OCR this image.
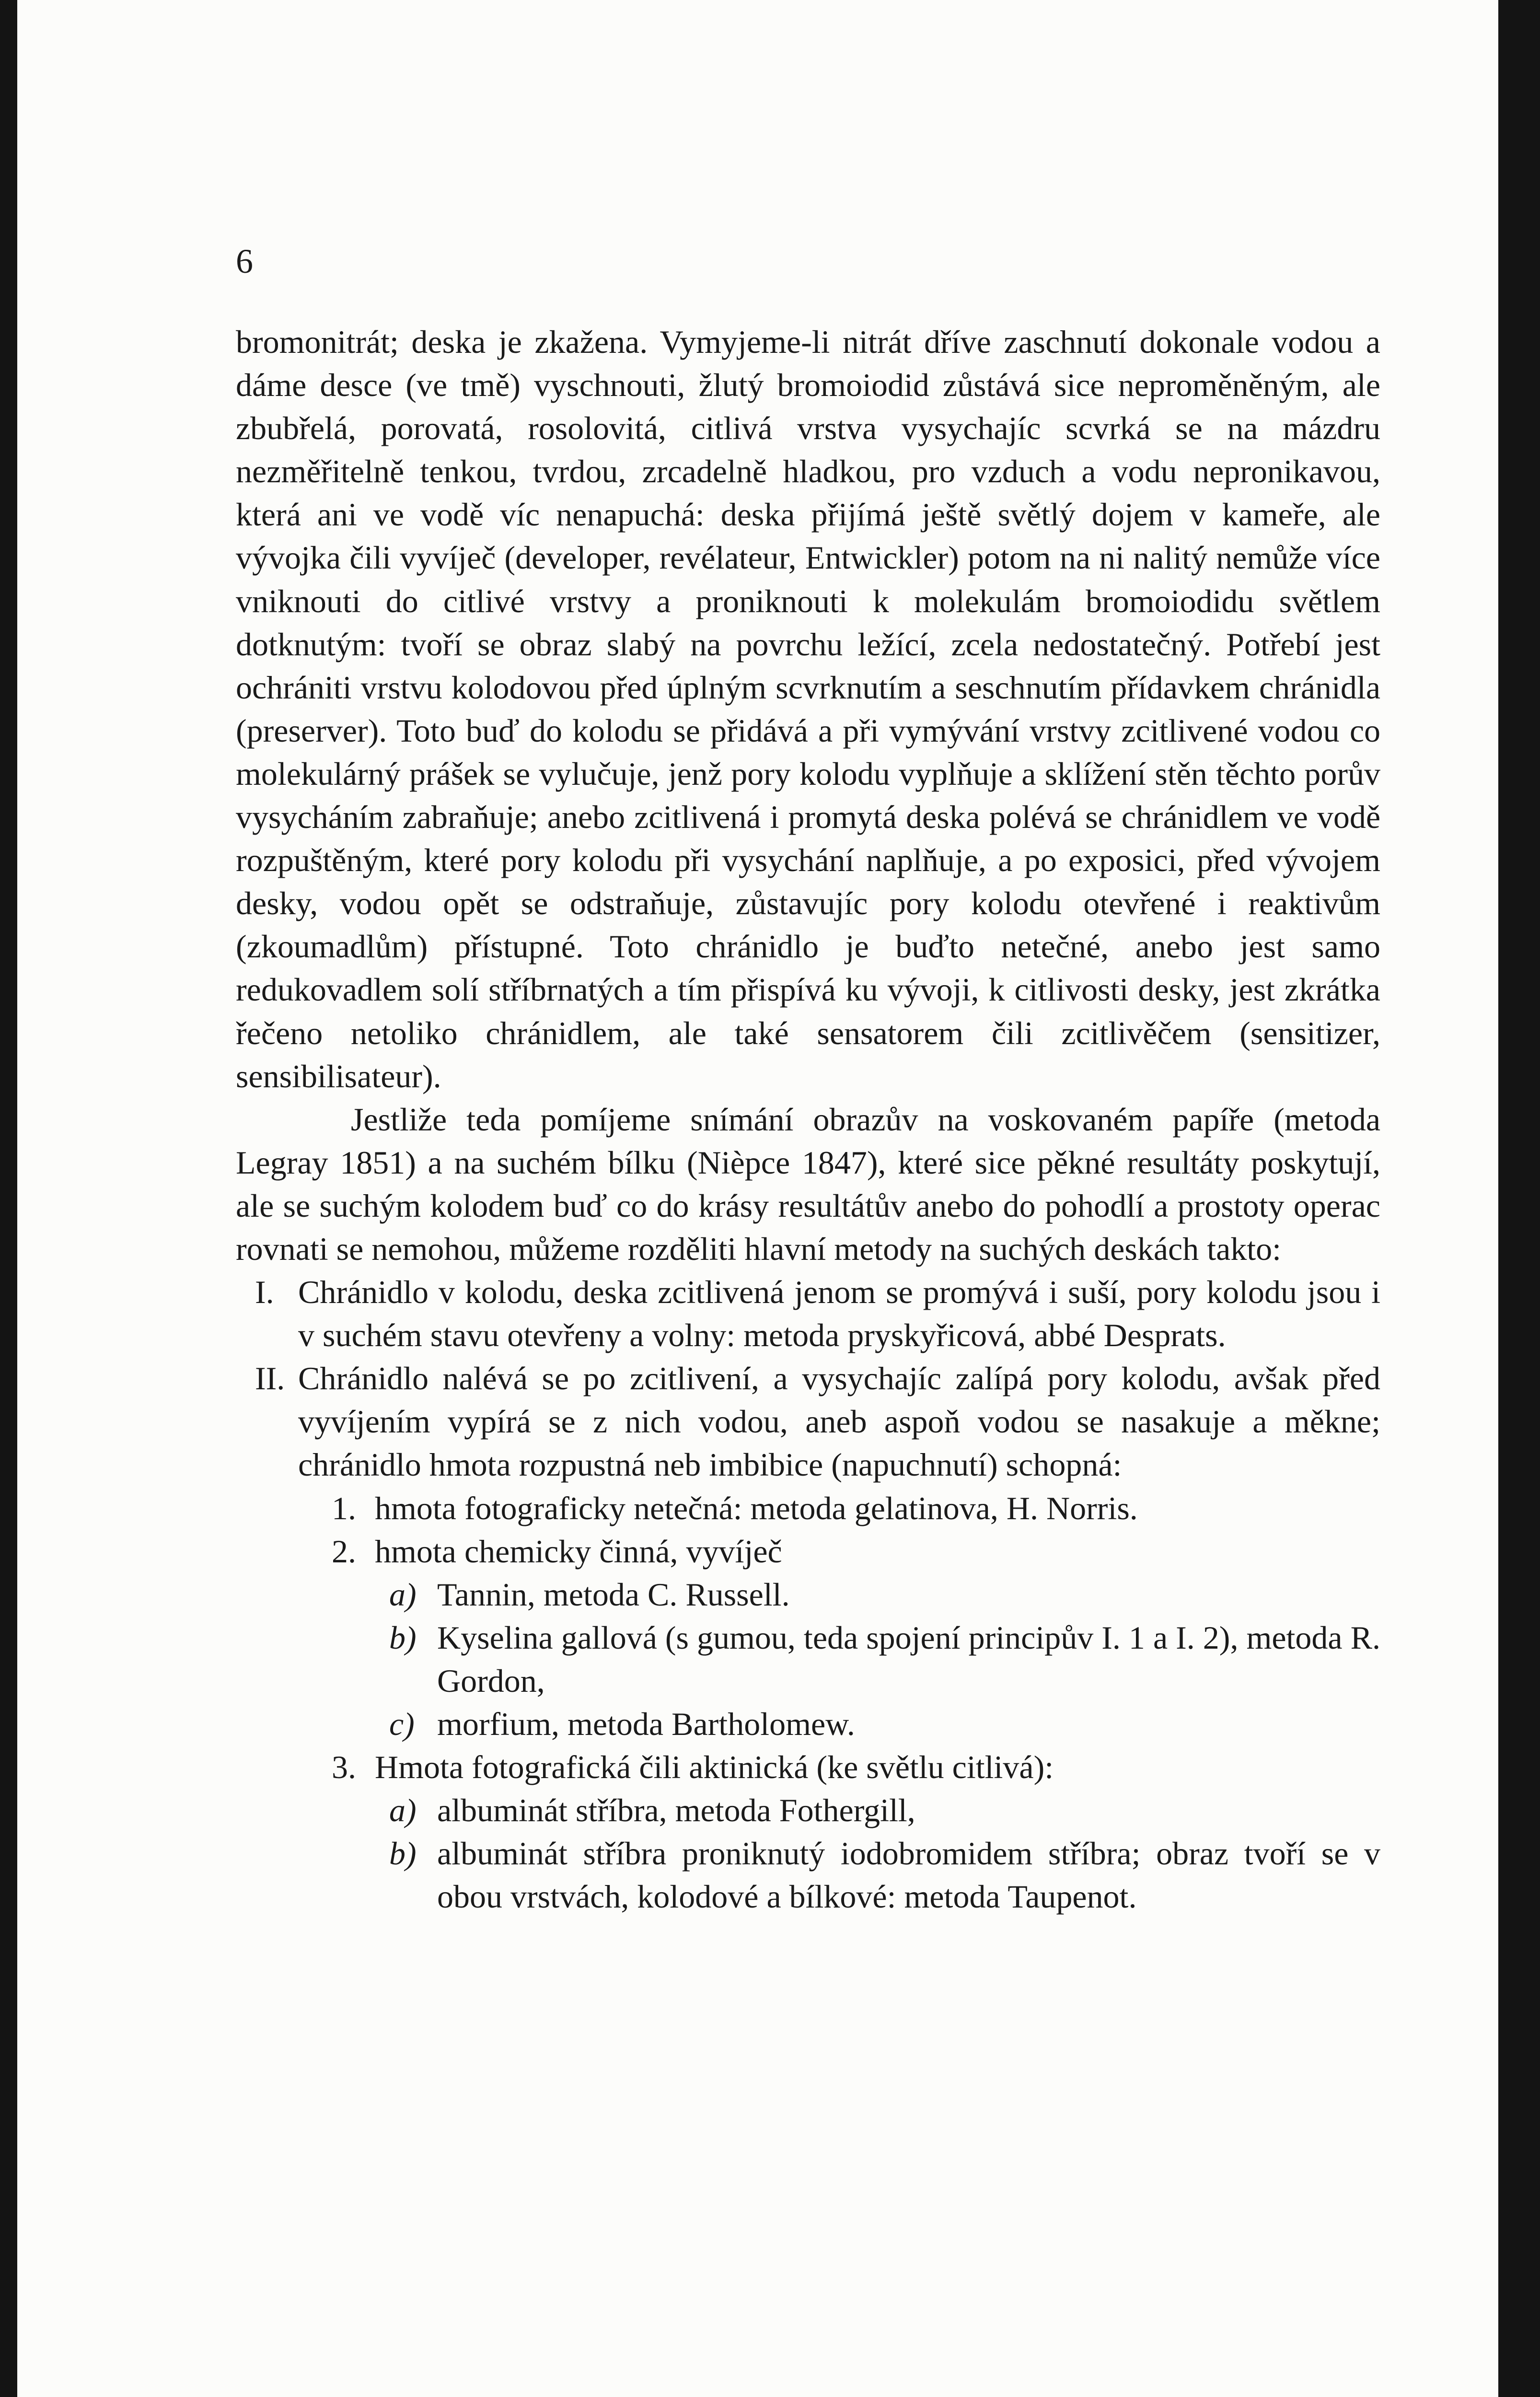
6

bromonitrát; deska je zkažena. Vymyjeme-li nitrát dříve zaschnutí dokonale vodou a dáme desce (ve tmě) vyschnouti, žlutý bromoiodid zůstává sice neproměněným, ale zbubřelá, porovatá, rosolovitá, citlivá vrstva vysychajíc scvrká se na mázdru nezměřitelně tenkou, tvrdou, zrcadelně hladkou, pro vzduch a vodu nepronikavou, která ani ve vodě víc nenapuchá: deska přijímá ještě světlý dojem v kameře, ale vývojka čili vyvíječ (developer, revélateur, Entwickler) potom na ni nalitý nemůže více vniknouti do citlivé vrstvy a proniknouti k molekulám bromoiodidu světlem dotknutým: tvoří se obraz slabý na povrchu ležící, zcela nedostatečný. Potřebí jest ochrániti vrstvu kolodovou před úplným scvrknutím a seschnutím přídavkem chránidla (preserver). Toto buď do kolodu se přidává a při vymývání vrstvy zcitlivené vodou co molekulárný prášek se vylučuje, jenž pory kolodu vyplňuje a sklížení stěn těchto porův vysycháním zabraňuje; anebo zcitlivená i promytá deska polévá se chránidlem ve vodě rozpuštěným, které pory kolodu při vysychání naplňuje, a po exposici, před vývojem desky, vodou opět se odstraňuje, zůstavujíc pory kolodu otevřené i reaktivům (zkoumadlům) přístupné. Toto chránidlo je buďto netečné, anebo jest samo redukovadlem solí stříbrnatých a tím přispívá ku vývoji, k citlivosti desky, jest zkrátka řečeno netoliko chránidlem, ale také sensatorem čili zcitlivěčem (sensitizer, sensibilisateur).

Jestliže teda pomíjeme snímání obrazův na voskovaném papíře (metoda Legray 1851) a na suchém bílku (Nièpce 1847), které sice pěkné resultáty poskytují, ale se suchým kolodem buď co do krásy resultátův anebo do pohodlí a prostoty operac rovnati se nemohou, můžeme rozděliti hlavní metody na suchých deskách takto:

I. Chránidlo v kolodu, deska zcitlivená jenom se promývá i suší, pory kolodu jsou i v suchém stavu otevřeny a volny: metoda pryskyřicová, abbé Desprats.

II. Chránidlo nalévá se po zcitlivení, a vysychajíc zalípá pory kolodu, avšak před vyvíjením vypírá se z nich vodou, aneb aspoň vodou se nasakuje a měkne; chránidlo hmota rozpustná neb imbibice (napuchnutí) schopná:

1. hmota fotograficky netečná: metoda gelatinova, H. Norris.

2. hmota chemicky činná, vyvíječ

a) Tannin, metoda C. Russell.

b) Kyselina gallová (s gumou, teda spojení principův I. 1 a I. 2), metoda R. Gordon,

c) morfium, metoda Bartholomew.

3. Hmota fotografická čili aktinická (ke světlu citlivá):

a) albuminát stříbra, metoda Fothergill,

b) albuminát stříbra proniknutý iodobromidem stříbra; obraz tvoří se v obou vrstvách, kolodové a bílkové: metoda Taupenot.
